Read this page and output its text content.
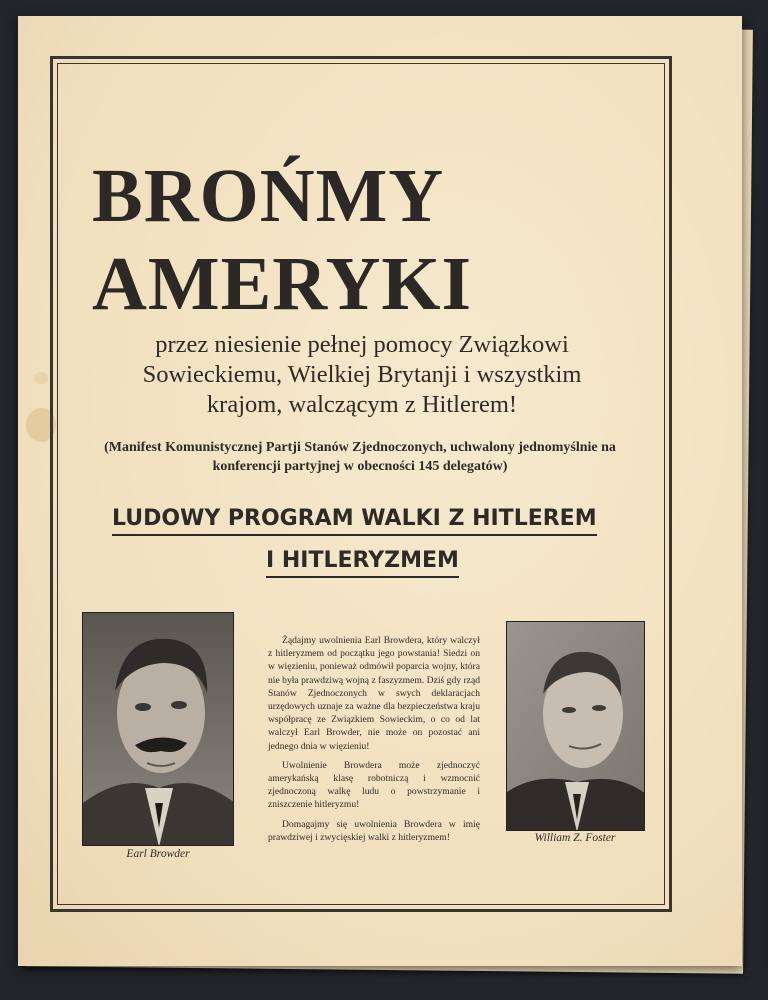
BROŃMY
AMERYKI
przez niesienie pełnej pomocy Związkowi Sowieckiemu, Wielkiej Brytanji i wszystkim krajom, walczącym z Hitlerem!
(Manifest Komunistycznej Partji Stanów Zjednoczonych, uchwalony jednomyślnie na konferencji partyjnej w obecności 145 delegatów)
LUDOWY PROGRAM WALKI Z HITLEREM
I HITLERYZMEM
Earl Browder

Żądajmy uwolnienia Earl Browdera, który walczył z hitleryzmem od początku jego powstania! Siedzi on w więzieniu, ponieważ odmówił poparcia wojny, która nie była prawdziwą wojną z faszyzmem. Dziś gdy rząd Stanów Zjednoczonych w swych deklaracjach urzędowych uznaje za ważne dla bezpieczeństwa kraju współpracę ze Związkiem Sowieckim, o co od lat walczył Earl Browder, nie może on pozostać ani jednego dnia w więzieniu!

Uwolnienie Browdera może zjednoczyć amerykańską klasę robotniczą i wzmocnić zjednoczoną walkę ludu o powstrzymanie i zniszczenie hitleryzmu!

Domagajmy się uwolnienia Browdera w imię prawdziwej i zwycięskiej walki z hitleryzmem!	William Z. Foster
